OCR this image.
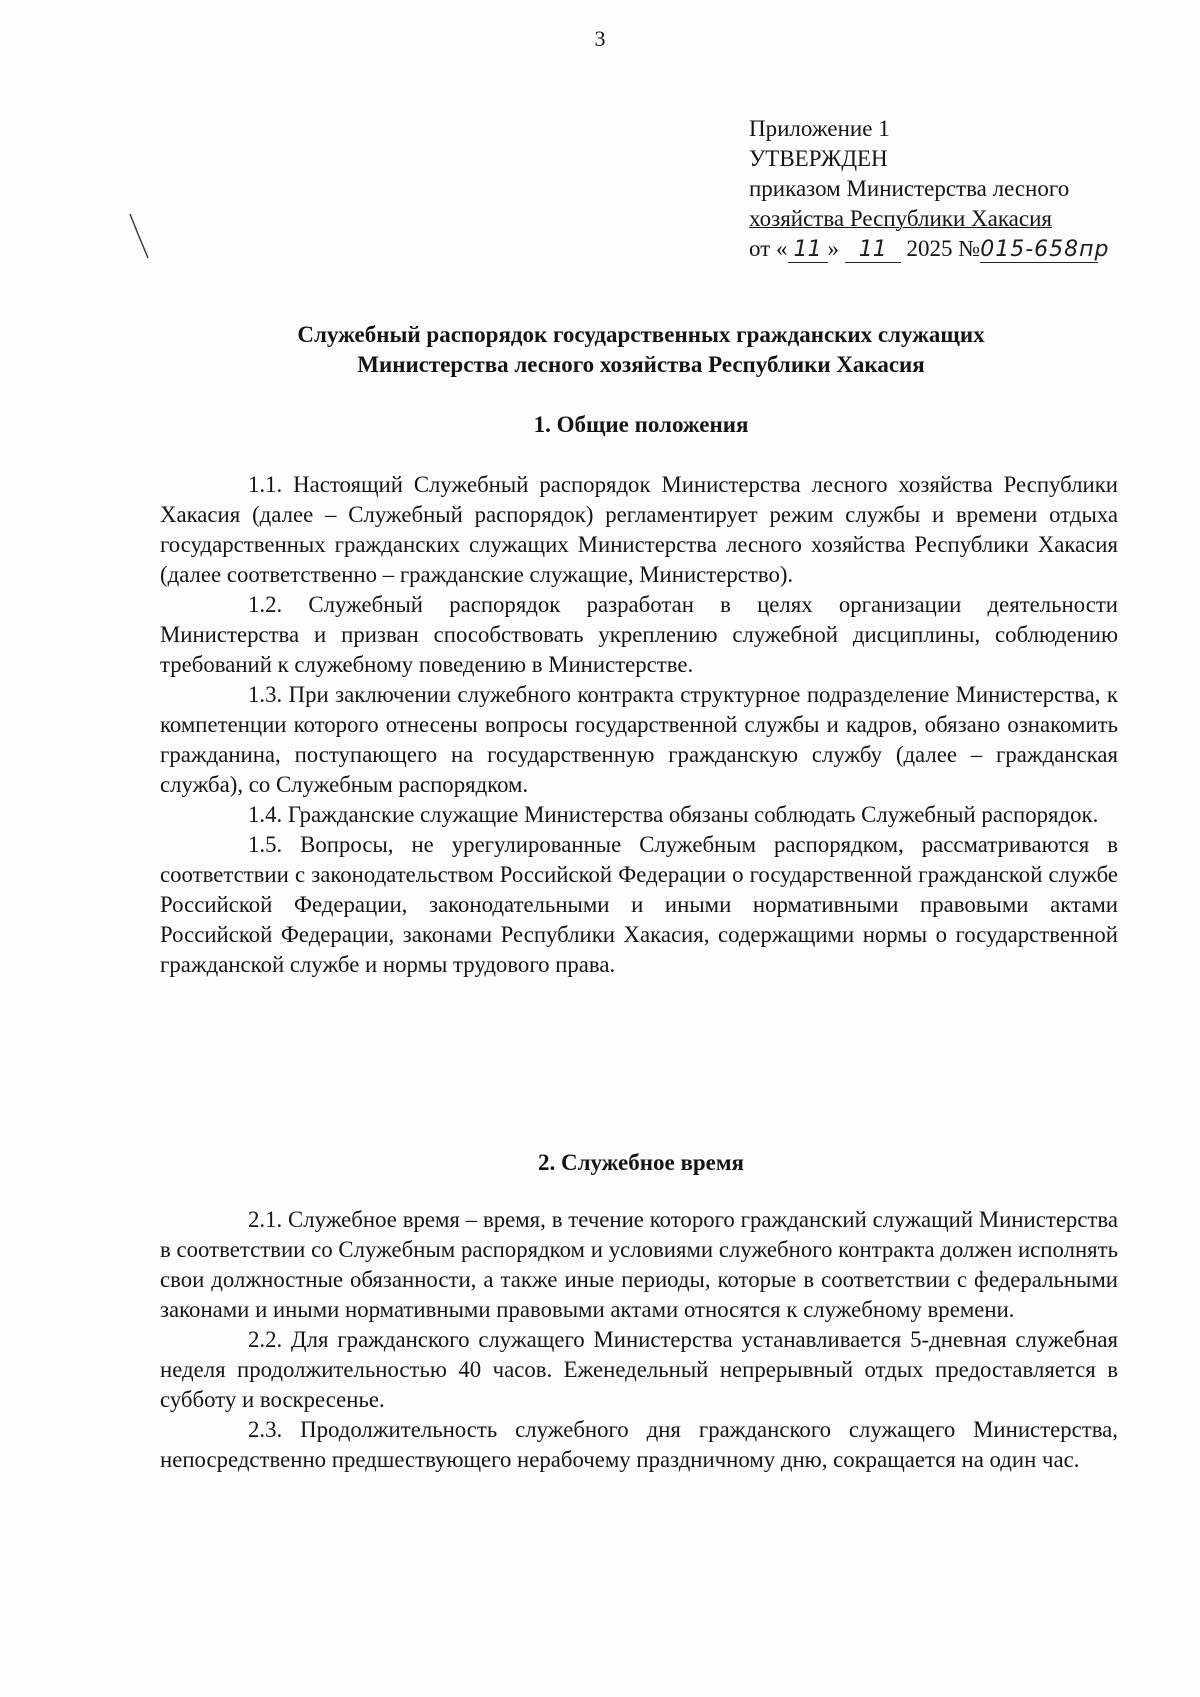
3
Приложение 1
УТВЕРЖДЕН
приказом Министерства лесного
хозяйства Республики Хакасия
от « 11 » 11 2025 №015-658пр
Служебный распорядок государственных гражданских служащих
Министерства лесного хозяйства Республики Хакасия
1. Общие положения

1.1. Настоящий Служебный распорядок Министерства лесного хозяйства Республики Хакасия (далее – Служебный распорядок) регламентирует режим службы и времени отдыха государственных гражданских служащих Министерства лесного хозяйства Республики Хакасия (далее соответственно – гражданские служащие, Министерство).

1.2. Служебный распорядок разработан в целях организации деятельности Министерства и призван способствовать укреплению служебной дисциплины, соблюдению требований к служебному поведению в Министерстве.

1.3. При заключении служебного контракта структурное подразделение Министерства, к компетенции которого отнесены вопросы государственной службы и кадров, обязано ознакомить гражданина, поступающего на государственную гражданскую службу (далее – гражданская служба), со Служебным распорядком.

1.4. Гражданские служащие Министерства обязаны соблюдать Служебный распорядок.

1.5. Вопросы, не урегулированные Служебным распорядком, рассматриваются в соответствии с законодательством Российской Федерации о государственной гражданской службе Российской Федерации, законодательными и иными нормативными правовыми актами Российской Федерации, законами Республики Хакасия, содержащими нормы о государственной гражданской службе и нормы трудового права.

2. Служебное время

2.1. Служебное время – время, в течение которого гражданский служащий Министерства в соответствии со Служебным распорядком и условиями служебного контракта должен исполнять свои должностные обязанности, а также иные периоды, которые в соответствии с федеральными законами и иными нормативными правовыми актами относятся к служебному времени.

2.2. Для гражданского служащего Министерства устанавливается 5-дневная служебная неделя продолжительностью 40 часов. Еженедельный непрерывный отдых предоставляется в субботу и воскресенье.

2.3. Продолжительность служебного дня гражданского служащего Министерства, непосредственно предшествующего нерабочему праздничному дню, сокращается на один час.
